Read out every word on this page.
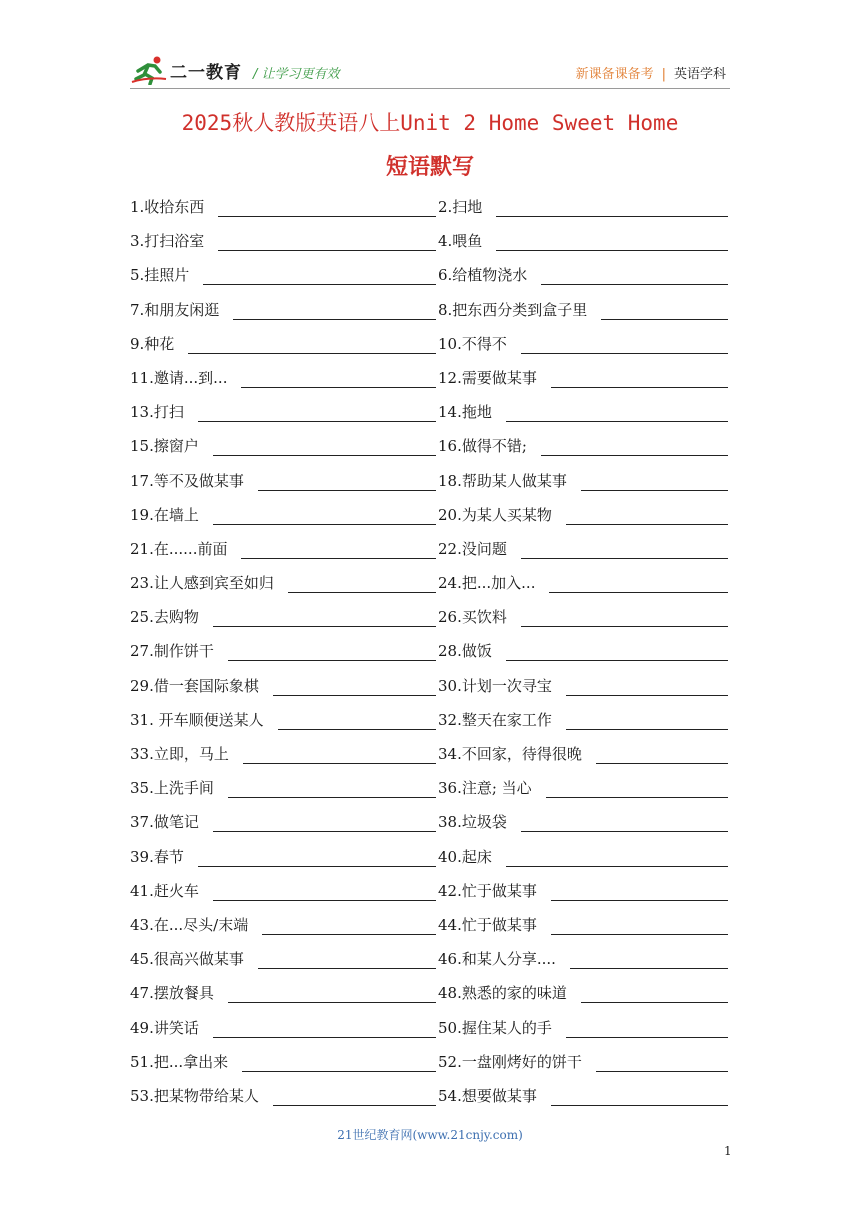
二一教育 / 让学习更有效	新课备课备考 | 英语学科
2025秋人教版英语八上Unit 2 Home Sweet Home
短语默写
1.收拾东西	2.扫地
3.打扫浴室	4.喂鱼
5.挂照片	6.给植物浇水
7.和朋友闲逛	8.把东西分类到盒子里
9.种花	10.不得不
11.邀请...到...	12.需要做某事
13.打扫	14.拖地
15.擦窗户	16.做得不错;
17.等不及做某事	18.帮助某人做某事
19.在墙上	20.为某人买某物
21.在......前面	22.没问题
23.让人感到宾至如归	24.把...加入...
25.去购物	26.买饮料
27.制作饼干	28.做饭
29.借一套国际象棋	30.计划一次寻宝
31. 开车顺便送某人	32.整天在家工作
33.立即，马上	34.不回家，待得很晚
35.上洗手间	36.注意; 当心
37.做笔记	38.垃圾袋
39.春节	40.起床
41.赶火车	42.忙于做某事
43.在...尽头/末端	44.忙于做某事
45.很高兴做某事	46.和某人分享....
47.摆放餐具	48.熟悉的家的味道
49.讲笑话	50.握住某人的手
51.把...拿出来	52.一盘刚烤好的饼干
53.把某物带给某人	54.想要做某事
21世纪教育网(www.21cnjy.com)
1
